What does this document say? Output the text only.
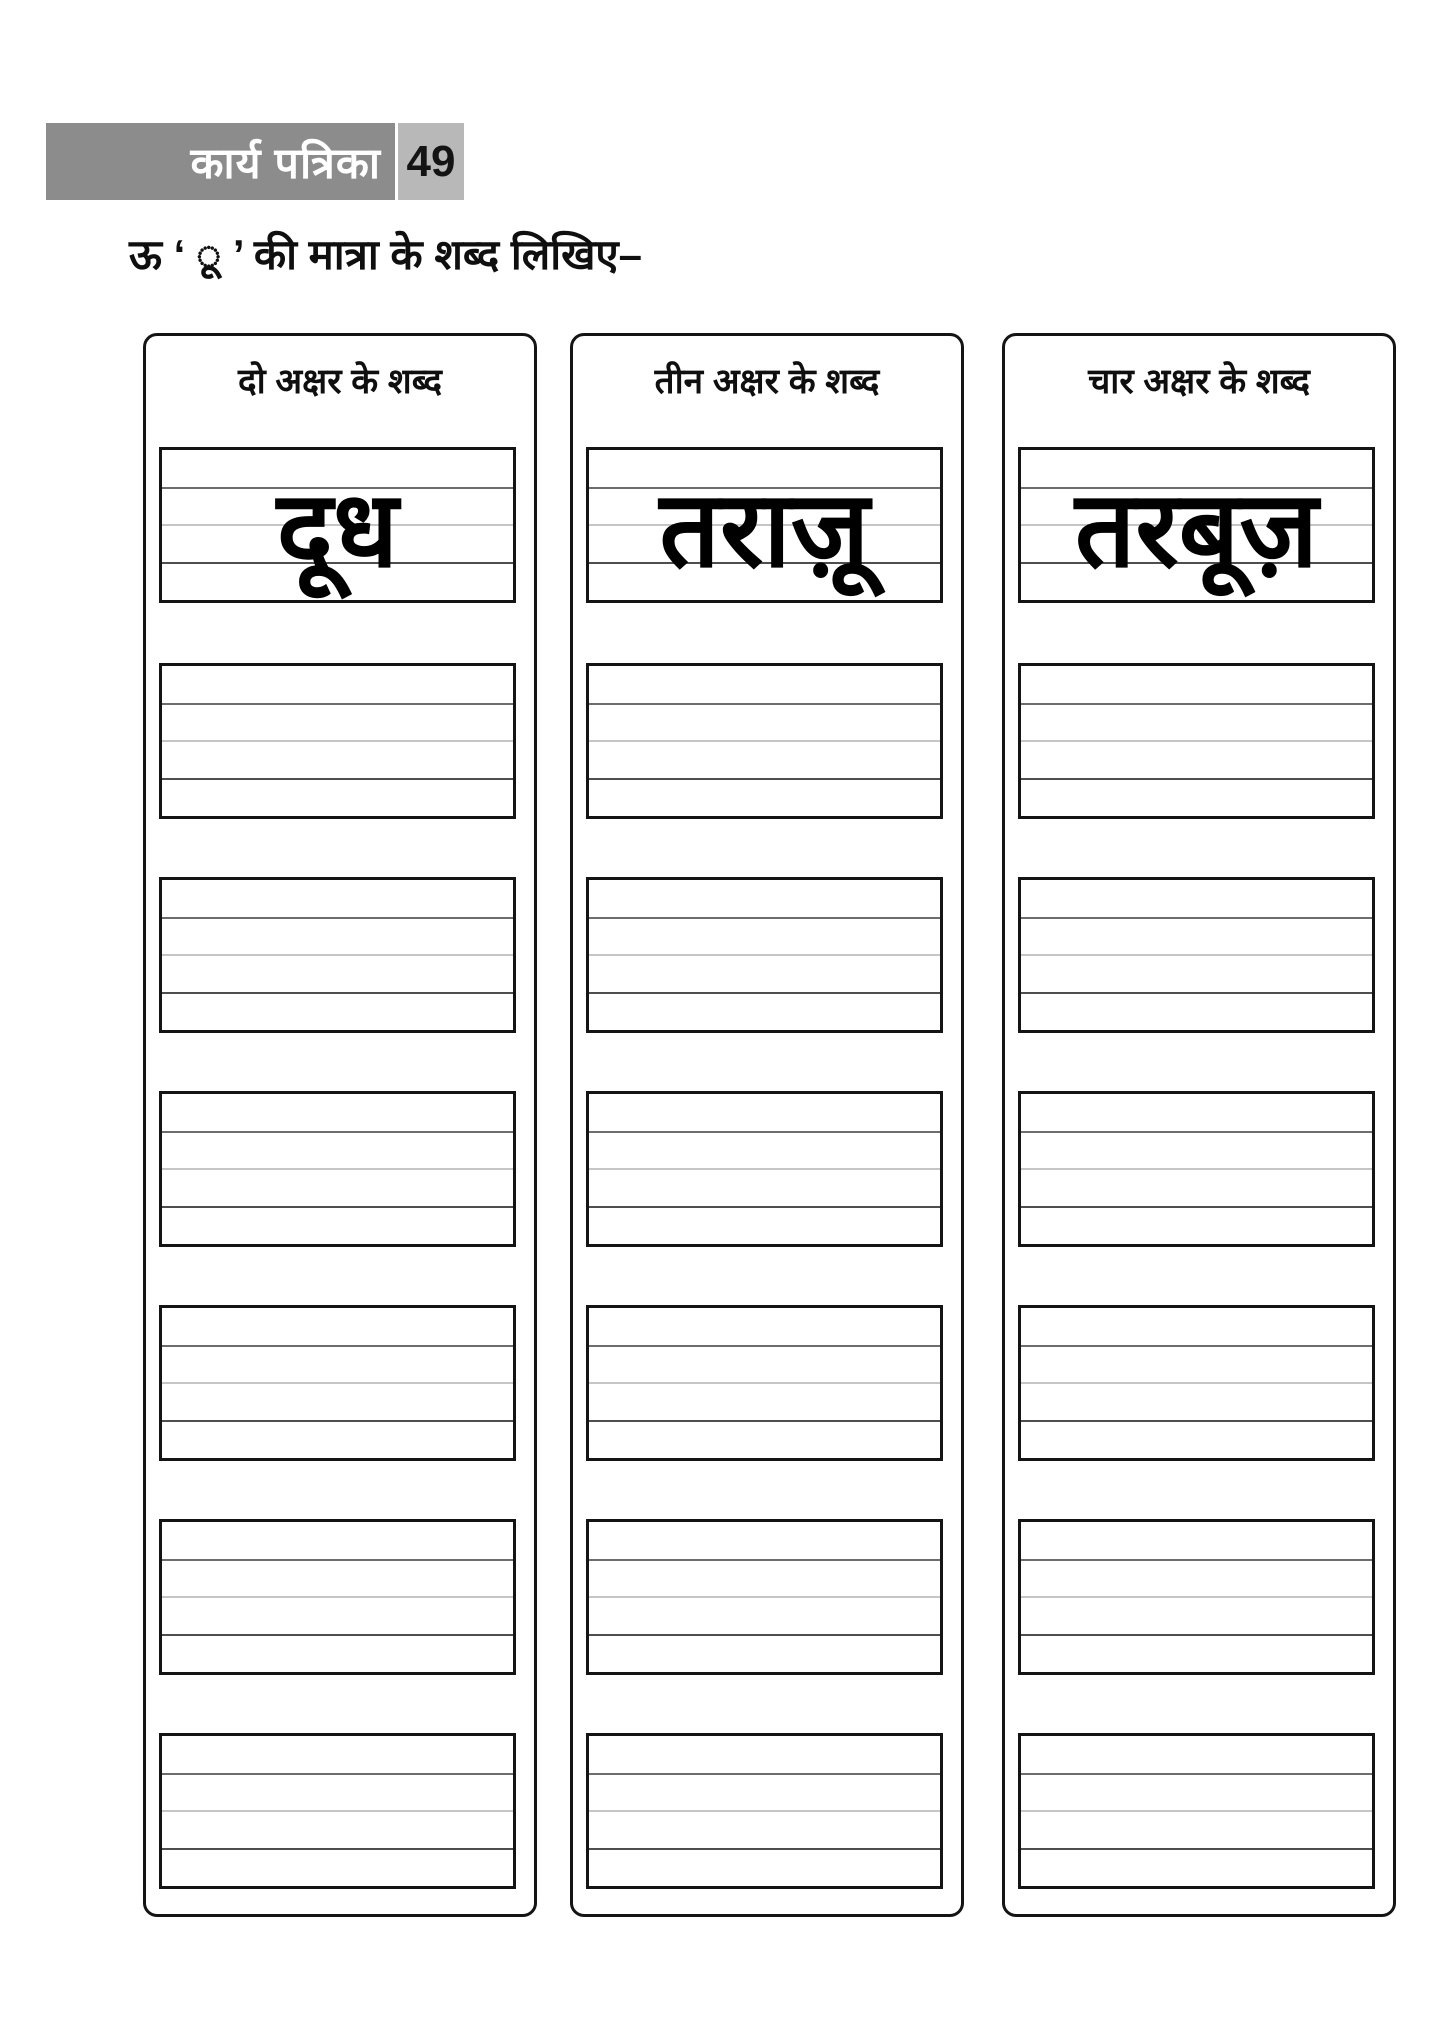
कार्य पत्रिका 49
ऊ ‘ ू ’ की मात्रा के शब्द लिखिए–
दो अक्षर के शब्द
दूध
तीन अक्षर के शब्द
तराज़ू
चार अक्षर के शब्द
तरबूज़
